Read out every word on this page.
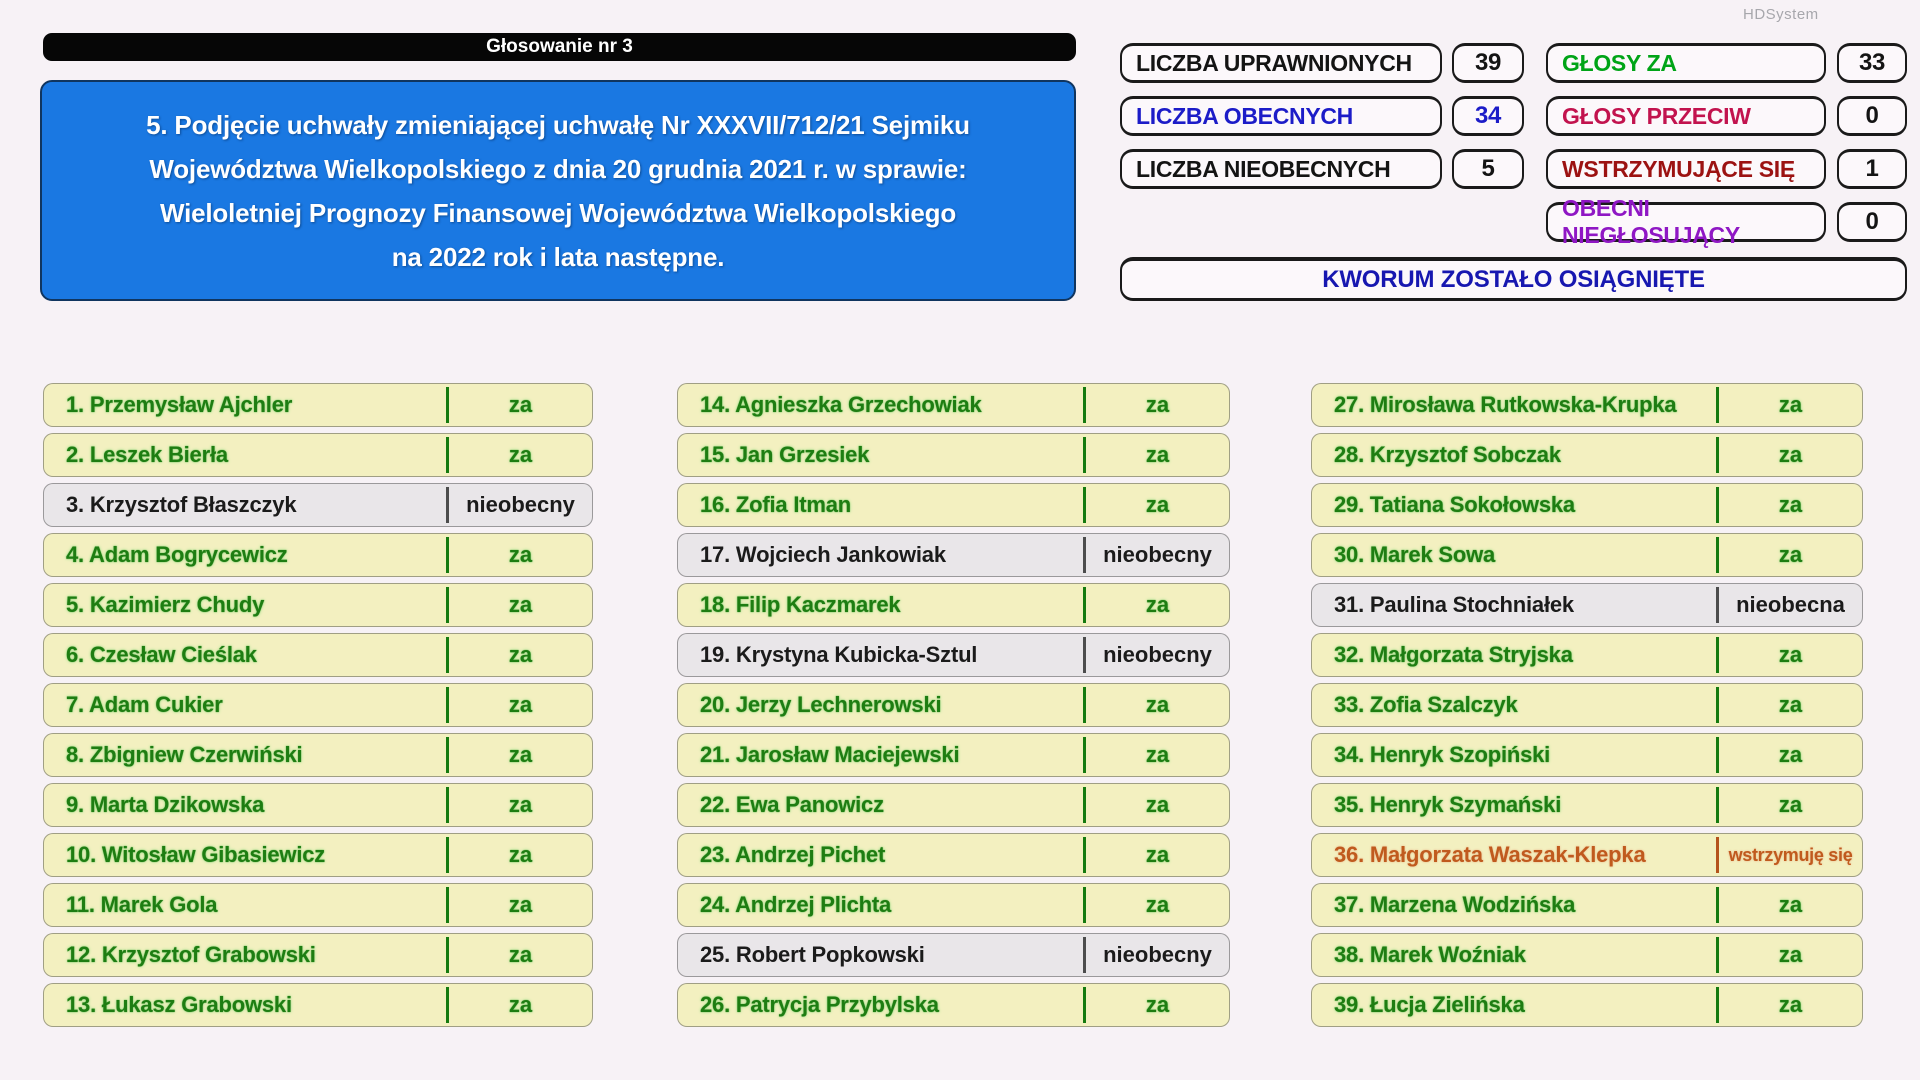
HDSystem
Głosowanie nr 3
5. Podjęcie uchwały zmieniającej uchwałę Nr XXXVII/712/21 Sejmiku
Województwa Wielkopolskiego z dnia 20 grudnia 2021 r. w sprawie:
Wieloletniej Prognozy Finansowej Województwa Wielkopolskiego
na 2022 rok i lata następne.
LICZBA UPRAWNIONYCH	39
LICZBA OBECNYCH	34
LICZBA NIEOBECNYCH	5
GŁOSY ZA	33
GŁOSY PRZECIW	0
WSTRZYMUJĄCE SIĘ	1
OBECNI NIEGŁOSUJĄCY	0
KWORUM ZOSTAŁO OSIĄGNIĘTE
1. Przemysław Ajchler	za
2. Leszek Bierła	za
3. Krzysztof Błaszczyk	nieobecny
4. Adam Bogrycewicz	za
5. Kazimierz Chudy	za
6. Czesław Cieślak	za
7. Adam Cukier	za
8. Zbigniew Czerwiński	za
9. Marta Dzikowska	za
10. Witosław Gibasiewicz	za
11. Marek Gola	za
12. Krzysztof Grabowski	za
13. Łukasz Grabowski	za
14. Agnieszka Grzechowiak	za
15. Jan Grzesiek	za
16. Zofia Itman	za
17. Wojciech Jankowiak	nieobecny
18. Filip Kaczmarek	za
19. Krystyna Kubicka-Sztul	nieobecny
20. Jerzy Lechnerowski	za
21. Jarosław Maciejewski	za
22. Ewa Panowicz	za
23. Andrzej Pichet	za
24. Andrzej Plichta	za
25. Robert Popkowski	nieobecny
26. Patrycja Przybylska	za
27. Mirosława Rutkowska-Krupka	za
28. Krzysztof Sobczak	za
29. Tatiana Sokołowska	za
30. Marek Sowa	za
31. Paulina Stochniałek	nieobecna
32. Małgorzata Stryjska	za
33. Zofia Szalczyk	za
34. Henryk Szopiński	za
35. Henryk Szymański	za
36. Małgorzata Waszak-Klepka	wstrzymuję się
37. Marzena Wodzińska	za
38. Marek Woźniak	za
39. Łucja Zielińska	za
